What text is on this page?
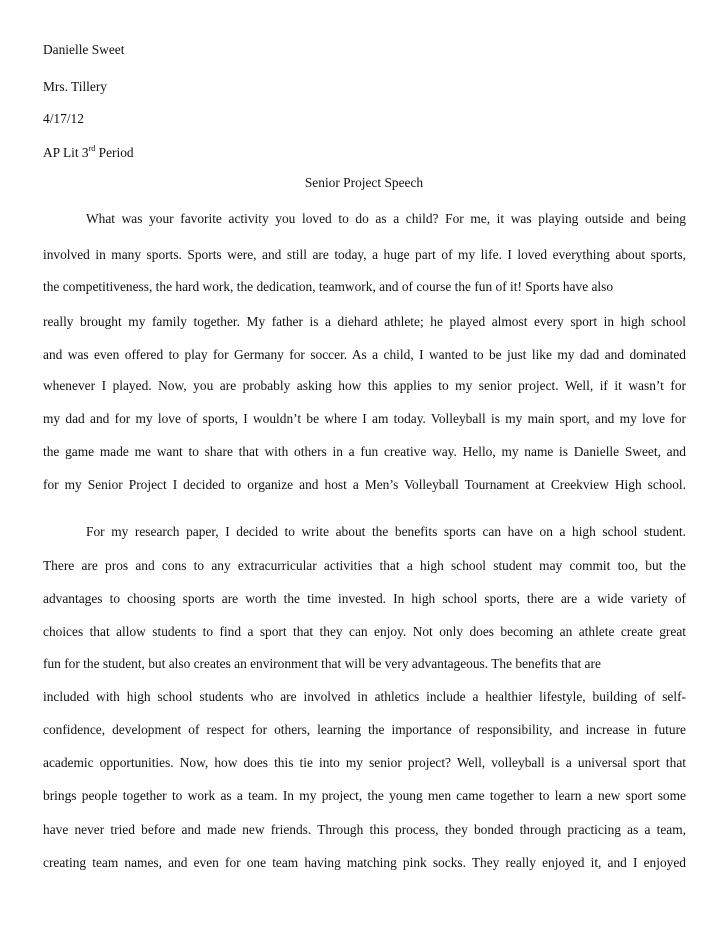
Danielle Sweet
Mrs. Tillery
4/17/12
AP Lit 3rd Period
Senior Project Speech
What was your favorite activity you loved to do as a child? For me, it was playing outside and being
involved in many sports. Sports were, and still are today, a huge part of my life. I loved everything about sports,
the competitiveness, the hard work, the dedication, teamwork, and of course the fun of it! Sports have also
really brought my family together. My father is a diehard athlete; he played almost every sport in high school
and was even offered to play for Germany for soccer. As a child, I wanted to be just like my dad and dominated
whenever I played. Now, you are probably asking how this applies to my senior project. Well, if it wasn’t for
my dad and for my love of sports, I wouldn’t be where I am today. Volleyball is my main sport, and my love for
the game made me want to share that with others in a fun creative way. Hello, my name is Danielle Sweet, and
for my Senior Project I decided to organize and host a Men’s Volleyball Tournament at Creekview High school.
For my research paper, I decided to write about the benefits sports can have on a high school student.
There are pros and cons to any extracurricular activities that a high school student may commit too, but the
advantages to choosing sports are worth the time invested. In high school sports, there are a wide variety of
choices that allow students to find a sport that they can enjoy. Not only does becoming an athlete create great
fun for the student, but also creates an environment that will be very advantageous. The benefits that are
included with high school students who are involved in athletics include a healthier lifestyle, building of self-
confidence, development of respect for others, learning the importance of responsibility, and increase in future
academic opportunities. Now, how does this tie into my senior project? Well, volleyball is a universal sport that
brings people together to work as a team. In my project, the young men came together to learn a new sport some
have never tried before and made new friends. Through this process, they bonded through practicing as a team,
creating team names, and even for one team having matching pink socks. They really enjoyed it, and I enjoyed
